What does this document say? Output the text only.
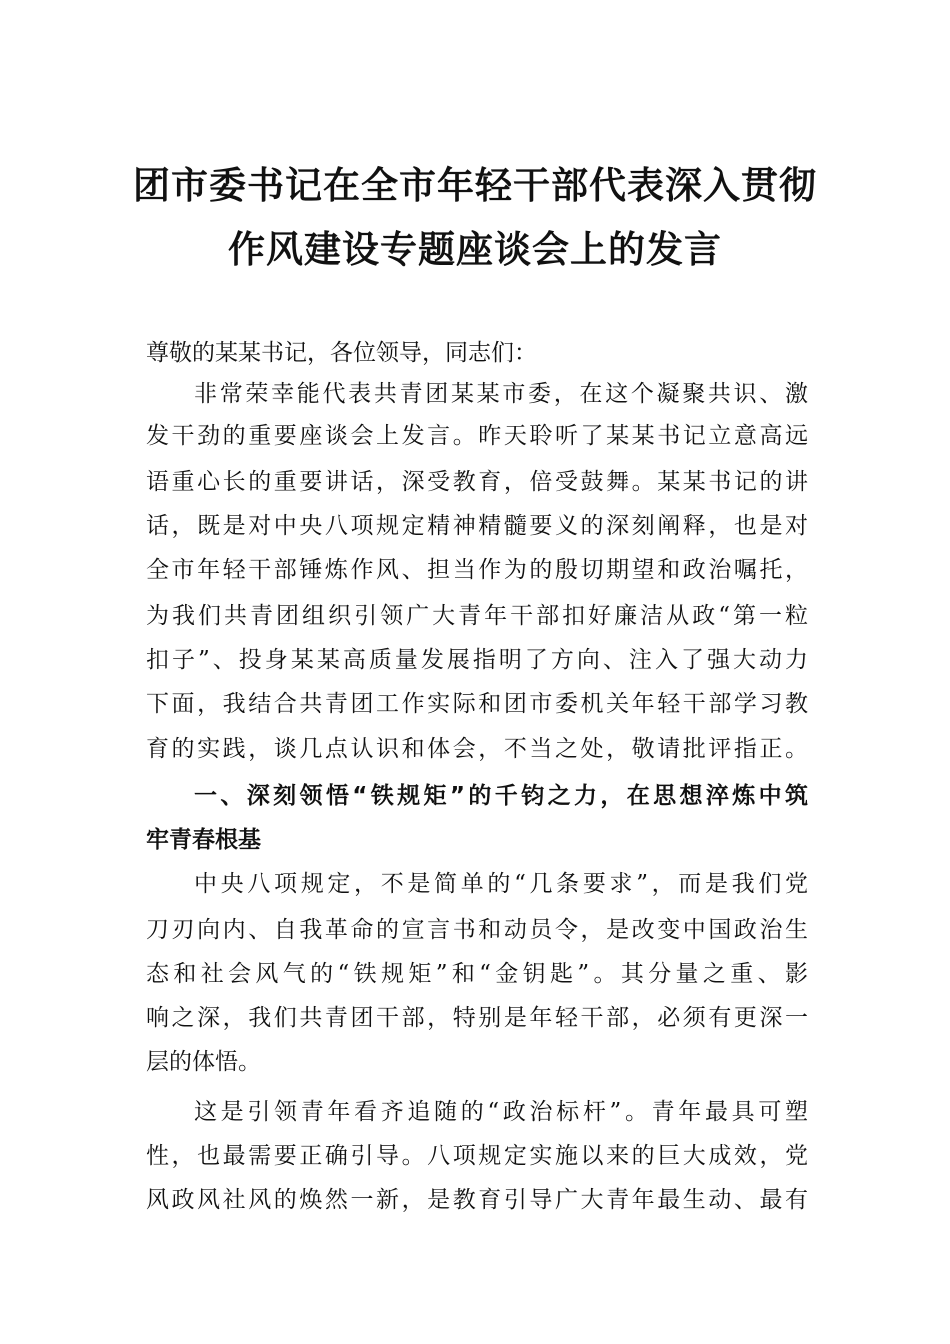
团市委书记在全市年轻干部代表深入贯彻
作风建设专题座谈会上的发言
尊敬的某某书记，各位领导，同志们：
非常荣幸能代表共青团某某市委，在这个凝聚共识、激
发干劲的重要座谈会上发言。昨天聆听了某某书记立意高远
语重心长的重要讲话，深受教育，倍受鼓舞。某某书记的讲
话，既是对中央八项规定精神精髓要义的深刻阐释，也是对
全市年轻干部锤炼作风、担当作为的殷切期望和政治嘱托，
为我们共青团组织引领广大青年干部扣好廉洁从政“第一粒
扣子”、投身某某高质量发展指明了方向、注入了强大动力
下面，我结合共青团工作实际和团市委机关年轻干部学习教
育的实践，谈几点认识和体会，不当之处，敬请批评指正。
一、深刻领悟“铁规矩”的千钧之力，在思想淬炼中筑
牢青春根基
中央八项规定，不是简单的“几条要求”，而是我们党
刀刃向内、自我革命的宣言书和动员令，是改变中国政治生
态和社会风气的“铁规矩”和“金钥匙”。其分量之重、影
响之深，我们共青团干部，特别是年轻干部，必须有更深一
层的体悟。
这是引领青年看齐追随的“政治标杆”。青年最具可塑
性，也最需要正确引导。八项规定实施以来的巨大成效，党
风政风社风的焕然一新，是教育引导广大青年最生动、最有
